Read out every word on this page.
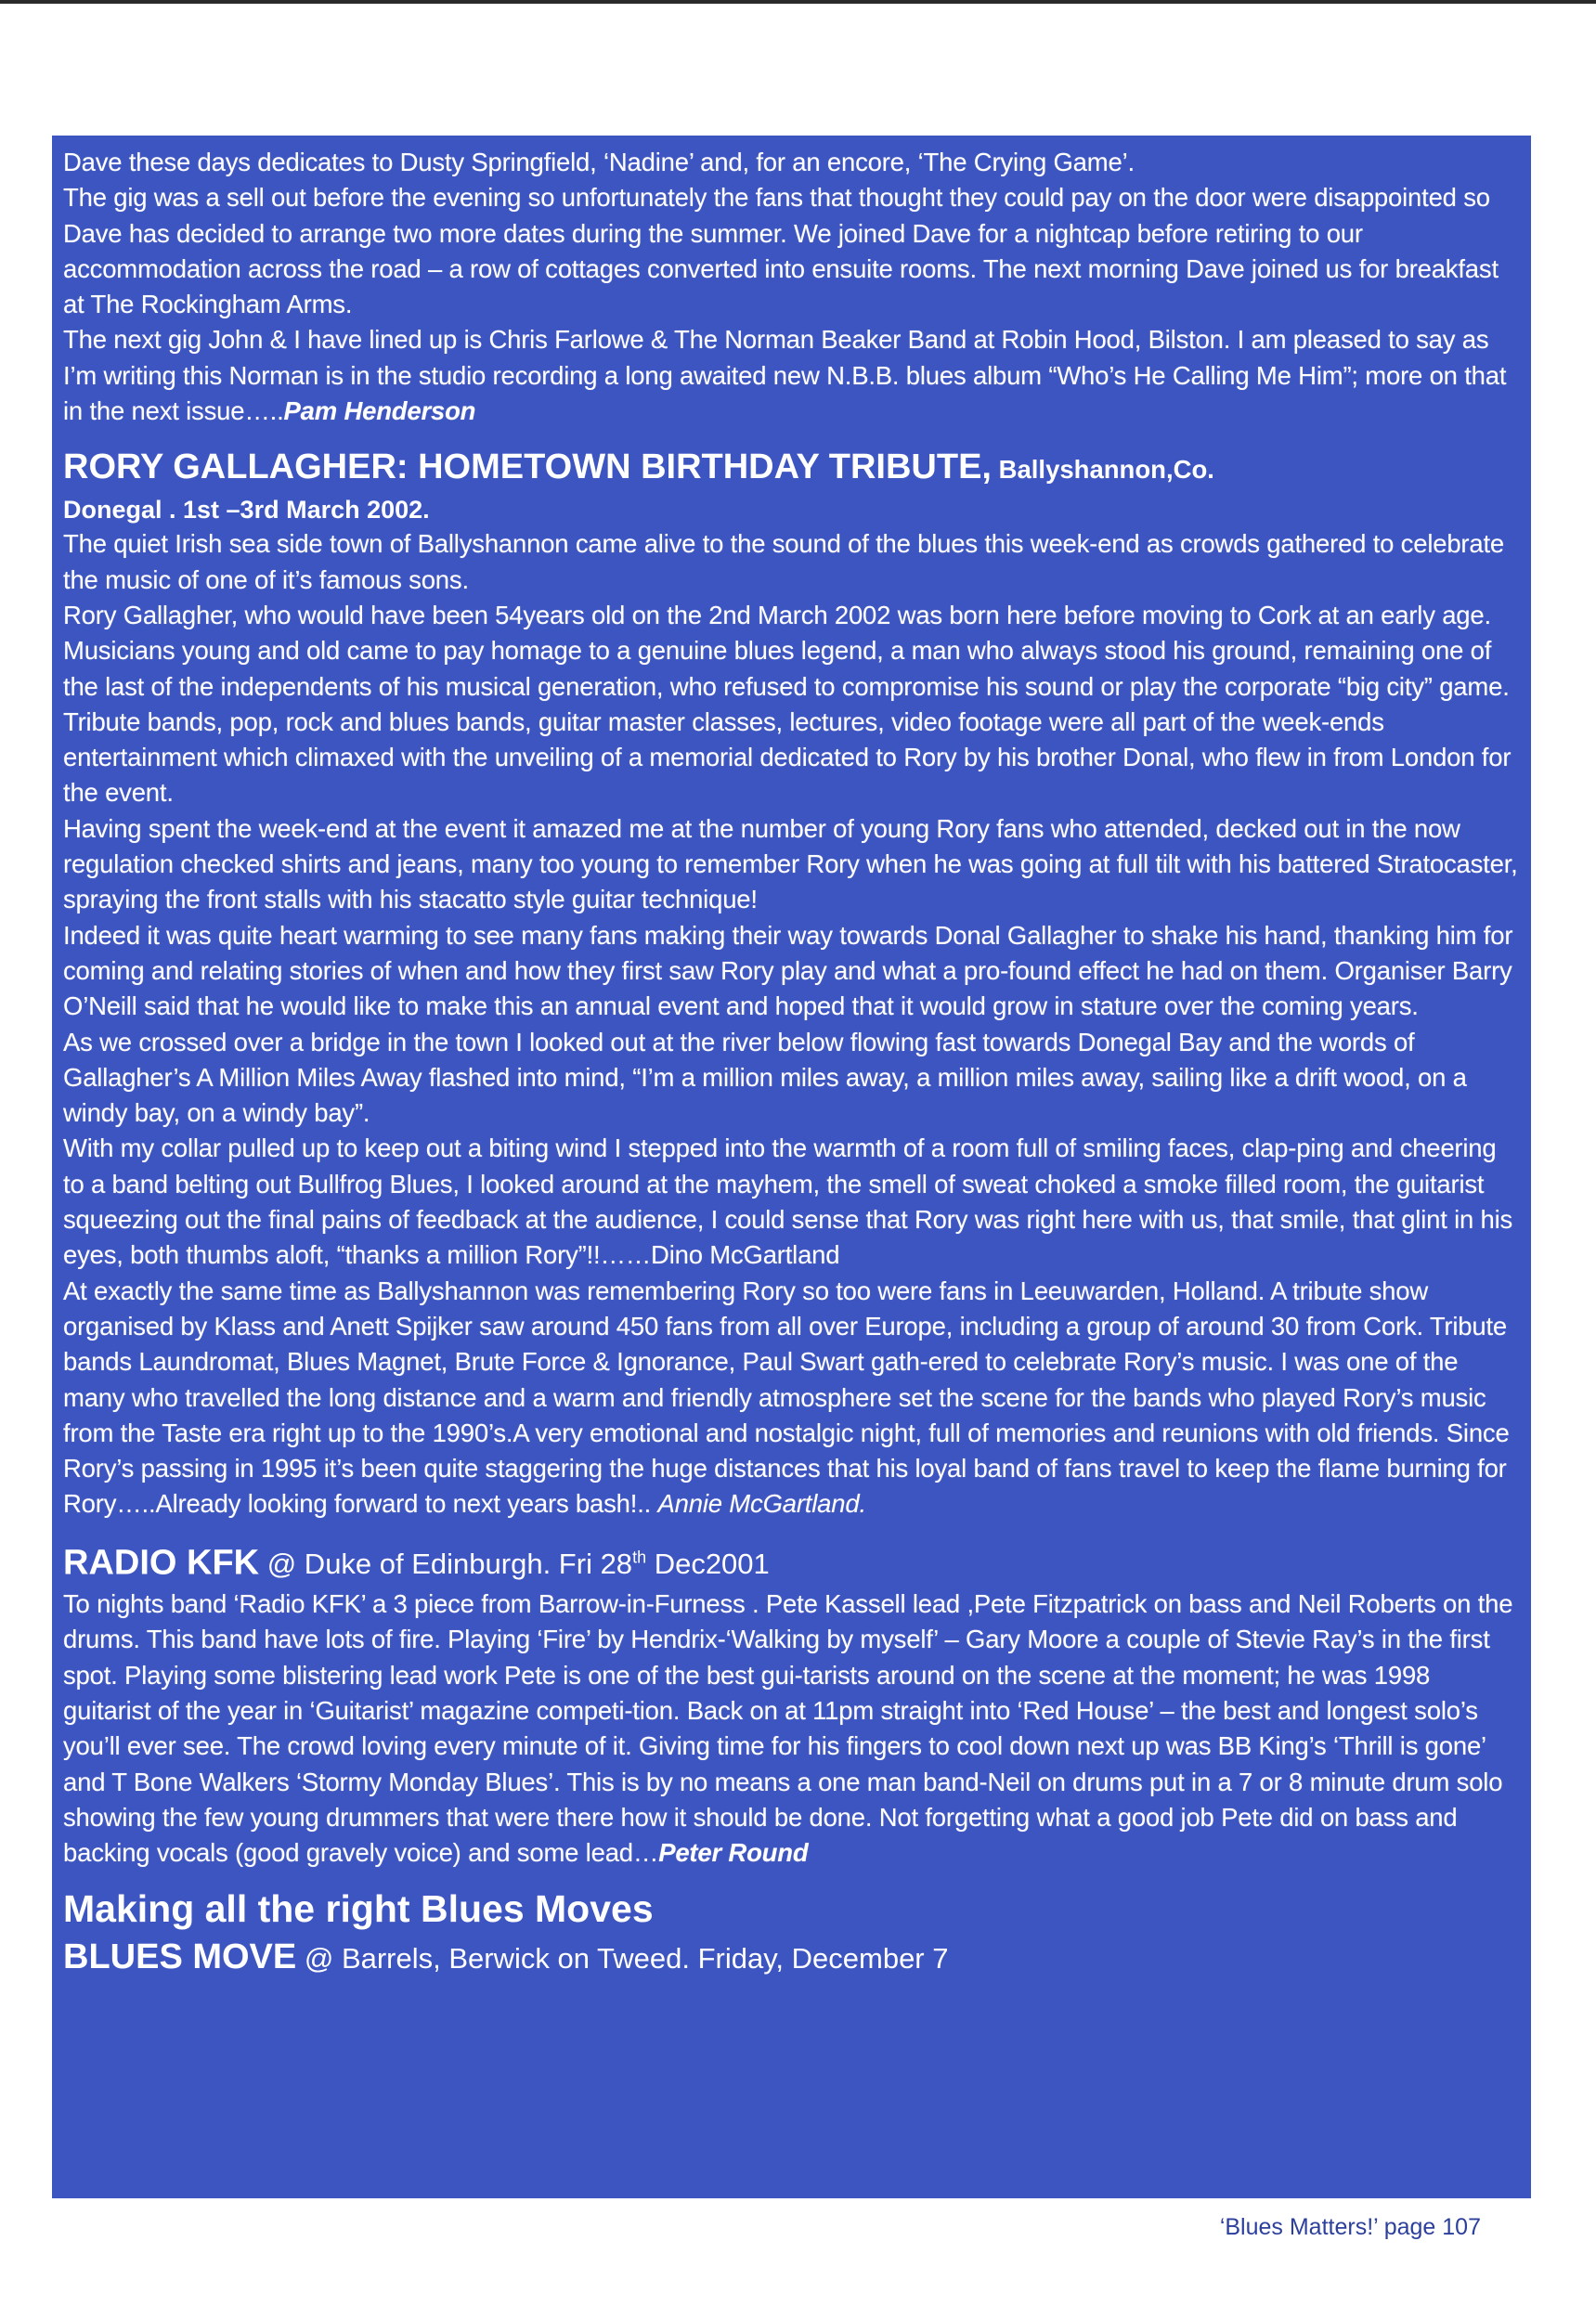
Dave these days dedicates to Dusty Springfield, ‘Nadine’ and, for an encore, ‘The Crying Game’.

The gig was a sell out before the evening so unfortunately the fans that thought they could pay on the door were disappointed so Dave has decided to arrange two more dates during the summer. We joined Dave for a nightcap before retiring to our accommodation across the road – a row of cottages converted into ensuite rooms. The next morning Dave joined us for breakfast at The Rockingham Arms.

The next gig John & I have lined up is Chris Farlowe & The Norman Beaker Band at Robin Hood, Bilston. I am pleased to say as I’m writing this Norman is in the studio recording a long awaited new N.B.B. blues album “Who’s He Calling Me Him”; more on that in the next issue…..Pam Henderson

RORY GALLAGHER: HOMETOWN BIRTHDAY TRIBUTE, Ballyshannon,Co.
Donegal . 1st –3rd March 2002.

The quiet Irish sea side town of Ballyshannon came alive to the sound of the blues this week-end as crowds gathered to celebrate the music of one of it’s famous sons.

Rory Gallagher, who would have been 54years old on the 2nd March 2002 was born here before moving to Cork at an early age. Musicians young and old came to pay homage to a genuine blues legend, a man who always stood his ground, remaining one of the last of the independents of his musical generation, who refused to compromise his sound or play the corporate “big city” game.

Tribute bands, pop, rock and blues bands, guitar master classes, lectures, video footage were all part of the week-ends entertainment which climaxed with the unveiling of a memorial dedicated to Rory by his brother Donal, who flew in from London for the event.

Having spent the week-end at the event it amazed me at the number of young Rory fans who attended, decked out in the now regulation checked shirts and jeans, many too young to remember Rory when he was going at full tilt with his battered Stratocaster, spraying the front stalls with his stacatto style guitar technique!

Indeed it was quite heart warming to see many fans making their way towards Donal Gallagher to shake his hand, thanking him for coming and relating stories of when and how they first saw Rory play and what a pro-found effect he had on them. Organiser Barry O’Neill said that he would like to make this an annual event and hoped that it would grow in stature over the coming years.

As we crossed over a bridge in the town I looked out at the river below flowing fast towards Donegal Bay and the words of Gallagher’s A Million Miles Away flashed into mind, “I’m a million miles away, a million miles away, sailing like a drift wood, on a windy bay, on a windy bay”.

With my collar pulled up to keep out a biting wind I stepped into the warmth of a room full of smiling faces, clap-ping and cheering to a band belting out Bullfrog Blues, I looked around at the mayhem, the smell of sweat choked a smoke filled room, the guitarist squeezing out the final pains of feedback at the audience, I could sense that Rory was right here with us, that smile, that glint in his eyes, both thumbs aloft, “thanks a million Rory”!!……Dino McGartland

At exactly the same time as Ballyshannon was remembering Rory so too were fans in Leeuwarden, Holland. A tribute show organised by Klass and Anett Spijker saw around 450 fans from all over Europe, including a group of around 30 from Cork. Tribute bands Laundromat, Blues Magnet, Brute Force & Ignorance, Paul Swart gath-ered to celebrate Rory’s music. I was one of the many who travelled the long distance and a warm and friendly atmosphere set the scene for the bands who played Rory’s music from the Taste era right up to the 1990’s.A very emotional and nostalgic night, full of memories and reunions with old friends. Since Rory’s passing in 1995 it’s been quite staggering the huge distances that his loyal band of fans travel to keep the flame burning for Rory…..Already looking forward to next years bash!.. Annie McGartland.

RADIO KFK @ Duke of Edinburgh. Fri 28th Dec2001

To nights band ‘Radio KFK’ a 3 piece from Barrow-in-Furness . Pete Kassell lead ,Pete Fitzpatrick on bass and Neil Roberts on the drums. This band have lots of fire. Playing ‘Fire’ by Hendrix-‘Walking by myself’ – Gary Moore a couple of Stevie Ray’s in the first spot. Playing some blistering lead work Pete is one of the best gui-tarists around on the scene at the moment; he was 1998 guitarist of the year in ‘Guitarist’ magazine competi-tion. Back on at 11pm straight into ‘Red House’ – the best and longest solo’s you’ll ever see. The crowd loving every minute of it. Giving time for his fingers to cool down next up was BB King’s ‘Thrill is gone’ and T Bone Walkers ‘Stormy Monday Blues’. This is by no means a one man band-Neil on drums put in a 7 or 8 minute drum solo showing the few young drummers that were there how it should be done. Not forgetting what a good job Pete did on bass and backing vocals (good gravely voice) and some lead…Peter Round

Making all the right Blues Moves
BLUES MOVE @ Barrels, Berwick on Tweed. Friday, December 7
‘Blues Matters!’ page 107
